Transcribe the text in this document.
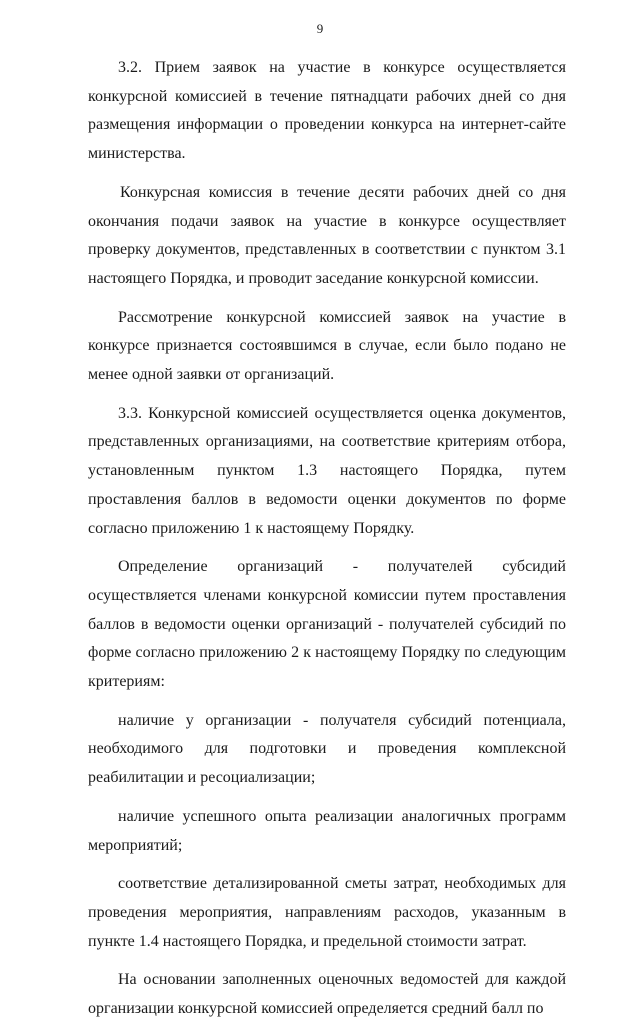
9

3.2. Прием заявок на участие в конкурсе осуществляется конкурсной комиссией в течение пятнадцати рабочих дней со дня размещения информации о проведении конкурса на интернет-сайте министерства.

Конкурсная комиссия в течение десяти рабочих дней со дня окончания подачи заявок на участие в конкурсе осуществляет проверку документов, представленных в соответствии с пунктом 3.1 настоящего Порядка, и проводит заседание конкурсной комиссии.

Рассмотрение конкурсной комиссией заявок на участие в конкурсе признается состоявшимся в случае, если было подано не менее одной заявки от организаций.

3.3. Конкурсной комиссией осуществляется оценка документов, представленных организациями, на соответствие критериям отбора, установленным пунктом 1.3 настоящего Порядка, путем проставления баллов в ведомости оценки документов по форме согласно приложению 1 к настоящему Порядку.

Определение организаций - получателей субсидий осуществляется членами конкурсной комиссии путем проставления баллов в ведомости оценки организаций - получателей субсидий по форме согласно приложению 2 к настоящему Порядку по следующим критериям:

наличие у организации - получателя субсидий потенциала, необходимого для подготовки и проведения комплексной реабилитации и ресоциализации;

наличие успешного опыта реализации аналогичных программ мероприятий;

соответствие детализированной сметы затрат, необходимых для проведения мероприятия, направлениям расходов, указанным в пункте 1.4 настоящего Порядка, и предельной стоимости затрат.

На основании заполненных оценочных ведомостей для каждой организации конкурсной комиссией определяется средний балл по
